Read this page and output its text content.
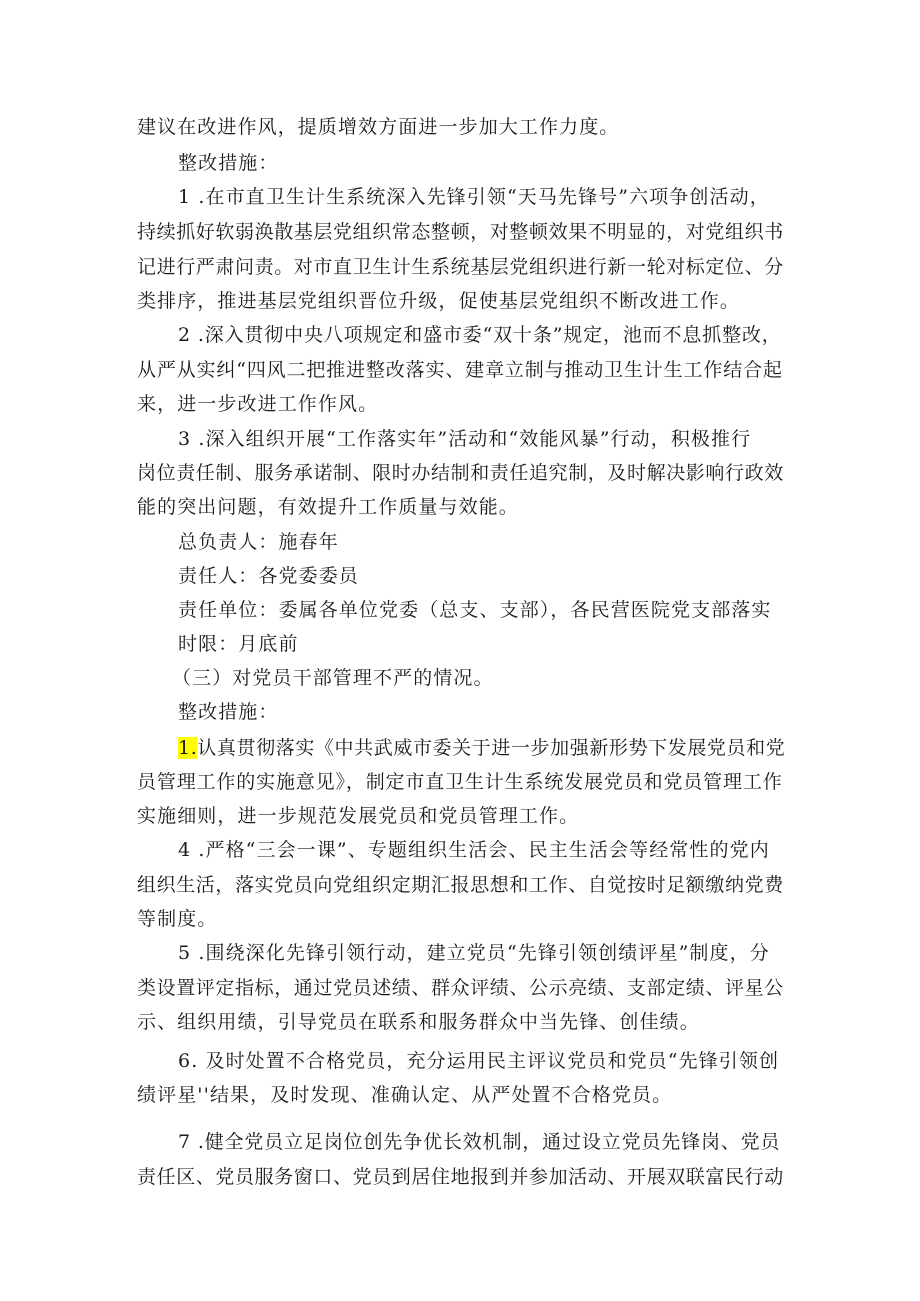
建议在改进作风，提质增效方面进一步加大工作力度。
整改措施：
1 .在市直卫生计生系统深入先锋引领“天马先锋号”六项争创活动，
持续抓好软弱涣散基层党组织常态整顿，对整顿效果不明显的，对党组织书
记进行严肃问责。对市直卫生计生系统基层党组织进行新一轮对标定位、分
类排序，推进基层党组织晋位升级，促使基层党组织不断改进工作。
2 .深入贯彻中央八项规定和盛市委“双十条”规定，池而不息抓整改，
从严从实纠“四风二把推进整改落实、建章立制与推动卫生计生工作结合起
来，进一步改进工作作风。
3 .深入组织开展“工作落实年”活动和“效能风暴”行动，积极推行
岗位责任制、服务承诺制、限时办结制和责任追究制，及时解决影响行政效
能的突出问题，有效提升工作质量与效能。
总负责人：施春年
责任人：各党委委员
责任单位：委属各单位党委（总支、支部），各民营医院党支部落实
时限：月底前
（三）对党员干部管理不严的情况。
整改措施：
1.认真贯彻落实《中共武威市委关于进一步加强新形势下发展党员和党
员管理工作的实施意见》，制定市直卫生计生系统发展党员和党员管理工作
实施细则，进一步规范发展党员和党员管理工作。
4 .严格“三会一课”、专题组织生活会、民主生活会等经常性的党内
组织生活，落实党员向党组织定期汇报思想和工作、自觉按时足额缴纳党费
等制度。
5 .围绕深化先锋引领行动，建立党员“先锋引领创绩评星”制度，分
类设置评定指标，通过党员述绩、群众评绩、公示亮绩、支部定绩、评星公
示、组织用绩，引导党员在联系和服务群众中当先锋、创佳绩。
6. 及时处置不合格党员，充分运用民主评议党员和党员“先锋引领创
绩评星''结果，及时发现、准确认定、从严处置不合格党员。
7 .健全党员立足岗位创先争优长效机制，通过设立党员先锋岗、党员
责任区、党员服务窗口、党员到居住地报到并参加活动、开展双联富民行动
